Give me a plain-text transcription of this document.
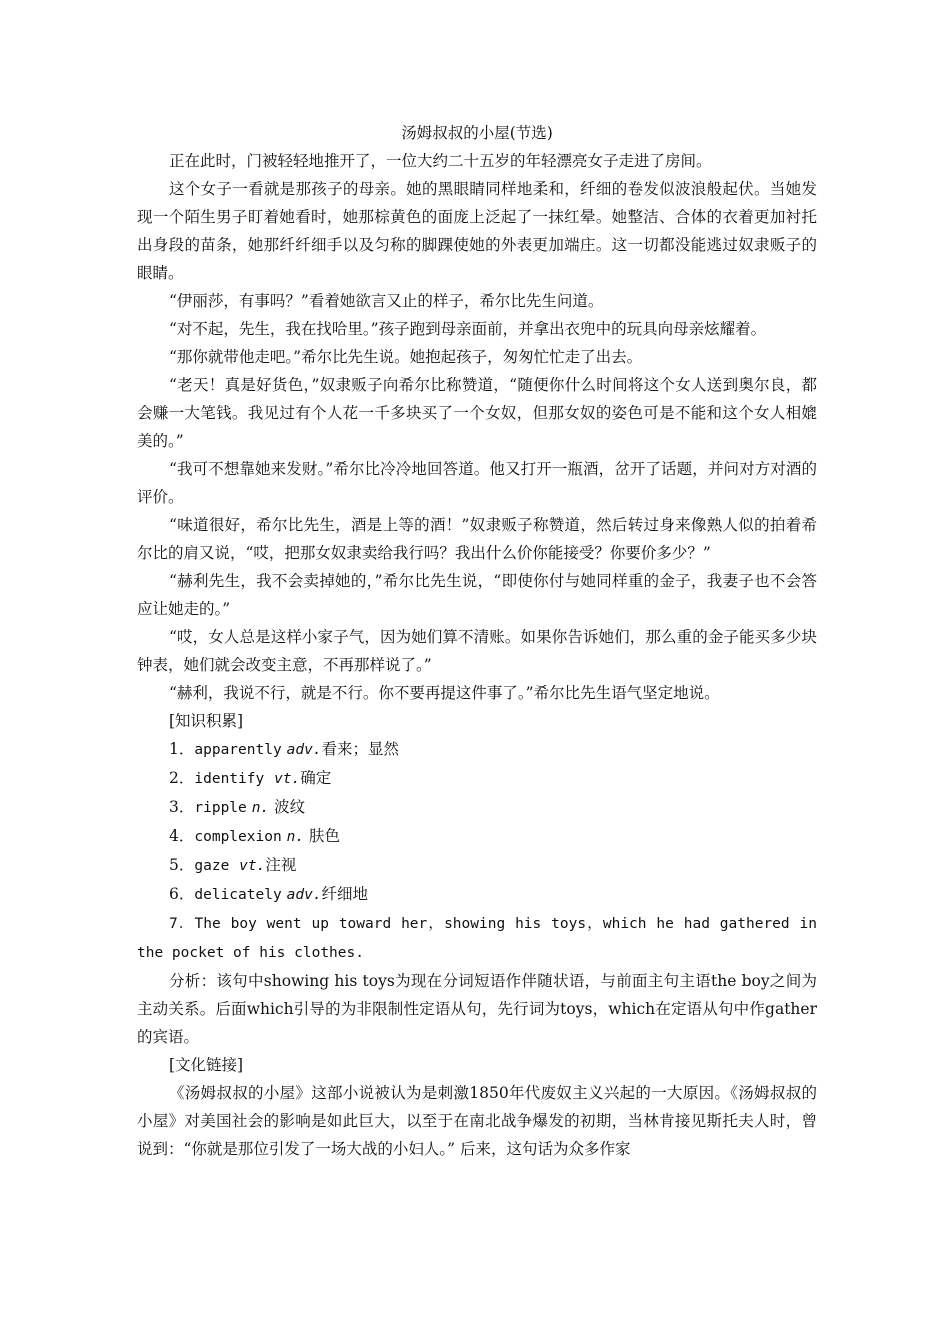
汤姆叔叔的小屋(节选)

正在此时，门被轻轻地推开了，一位大约二十五岁的年轻漂亮女子走进了房间。

这个女子一看就是那孩子的母亲。她的黑眼睛同样地柔和，纤细的卷发似波浪般起伏。当她发现一个陌生男子盯着她看时，她那棕黄色的面庞上泛起了一抹红晕。她整洁、合体的衣着更加衬托出身段的苗条，她那纤纤细手以及匀称的脚踝使她的外表更加端庄。这一切都没能逃过奴隶贩子的眼睛。

“伊丽莎，有事吗？”看着她欲言又止的样子，希尔比先生问道。

“对不起，先生，我在找哈里。”孩子跑到母亲面前，并拿出衣兜中的玩具向母亲炫耀着。

“那你就带他走吧。”希尔比先生说。她抱起孩子，匆匆忙忙走了出去。

“老天！真是好货色，”奴隶贩子向希尔比称赞道，“随便你什么时间将这个女人送到奥尔良，都会赚一大笔钱。我见过有个人花一千多块买了一个女奴，但那女奴的姿色可是不能和这个女人相媲美的。”

“我可不想靠她来发财。”希尔比冷冷地回答道。他又打开一瓶酒，岔开了话题，并问对方对酒的评价。

“味道很好，希尔比先生，酒是上等的酒！”奴隶贩子称赞道，然后转过身来像熟人似的拍着希尔比的肩又说，“哎，把那女奴隶卖给我行吗？我出什么价你能接受？你要价多少？”

“赫利先生，我不会卖掉她的，”希尔比先生说，“即使你付与她同样重的金子，我妻子也不会答应让她走的。”

“哎，女人总是这样小家子气，因为她们算不清账。如果你告诉她们，那么重的金子能买多少块钟表，她们就会改变主意，不再那样说了。”

“赫利，我说不行，就是不行。你不要再提这件事了。”希尔比先生语气坚定地说。

[知识积累]

1．apparently adv.看来；显然

2．identify vt.确定

3．ripple n. 波纹

4．complexion n. 肤色

5．gaze vt.注视

6．delicately adv.纤细地

7．The boy went up toward her，showing his toys，which he had gathered in

the pocket of his clothes.

分析：该句中showing his toys为现在分词短语作伴随状语，与前面主句主语the boy之间为主动关系。后面which引导的为非限制性定语从句，先行词为toys，which在定语从句中作gather的宾语。

[文化链接]

《汤姆叔叔的小屋》这部小说被认为是刺激1850年代废奴主义兴起的一大原因。《汤姆叔叔的小屋》对美国社会的影响是如此巨大，以至于在南北战争爆发的初期，当林肯接见斯托夫人时，曾说到：“你就是那位引发了一场大战的小妇人。” 后来，这句话为众多作家
